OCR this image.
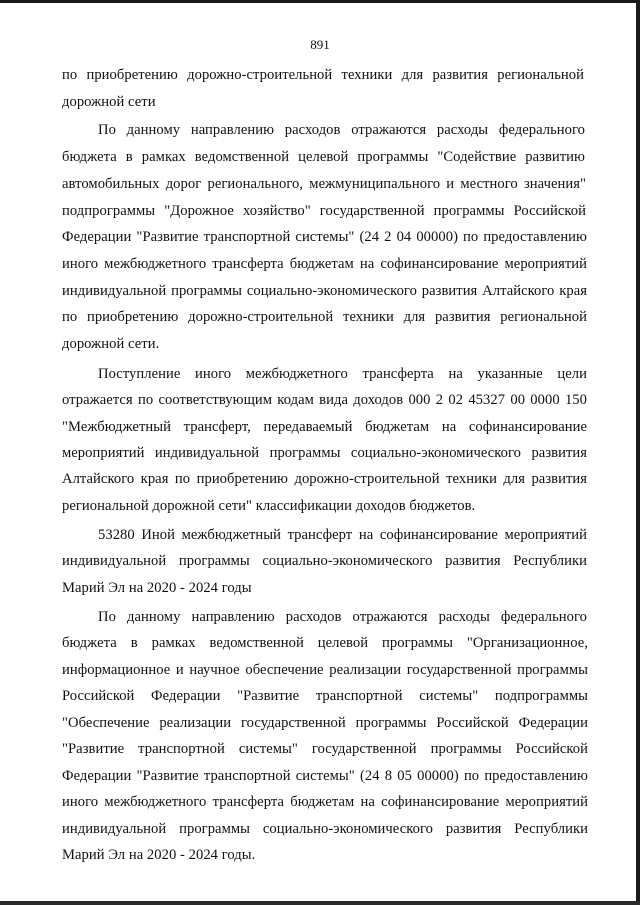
891
по приобретению дорожно-строительной техники для развития региональной
дорожной сети
По данному направлению расходов отражаются расходы федерального
бюджета в рамках ведомственной целевой программы "Содействие развитию
автомобильных дорог регионального, межмуниципального и местного значения"
подпрограммы "Дорожное хозяйство" государственной программы Российской
Федерации "Развитие транспортной системы" (24 2 04 00000) по предоставлению
иного межбюджетного трансферта бюджетам на софинансирование мероприятий
индивидуальной программы социально-экономического развития Алтайского края
по приобретению дорожно-строительной техники для развития региональной
дорожной сети.
Поступление иного межбюджетного трансферта на указанные цели
отражается по соответствующим кодам вида доходов 000 2 02 45327 00 0000 150
"Межбюджетный трансферт, передаваемый бюджетам на софинансирование
мероприятий индивидуальной программы социально-экономического развития
Алтайского края по приобретению дорожно-строительной техники для развития
региональной дорожной сети" классификации доходов бюджетов.
53280 Иной межбюджетный трансферт на софинансирование мероприятий
индивидуальной программы социально-экономического развития Республики
Марий Эл на 2020 - 2024 годы
По данному направлению расходов отражаются расходы федерального
бюджета в рамках ведомственной целевой программы "Организационное,
информационное и научное обеспечение реализации государственной программы
Российской Федерации "Развитие транспортной системы" подпрограммы
"Обеспечение реализации государственной программы Российской Федерации
"Развитие транспортной системы" государственной программы Российской
Федерации "Развитие транспортной системы" (24 8 05 00000) по предоставлению
иного межбюджетного трансферта бюджетам на софинансирование мероприятий
индивидуальной программы социально-экономического развития Республики
Марий Эл на 2020 - 2024 годы.
